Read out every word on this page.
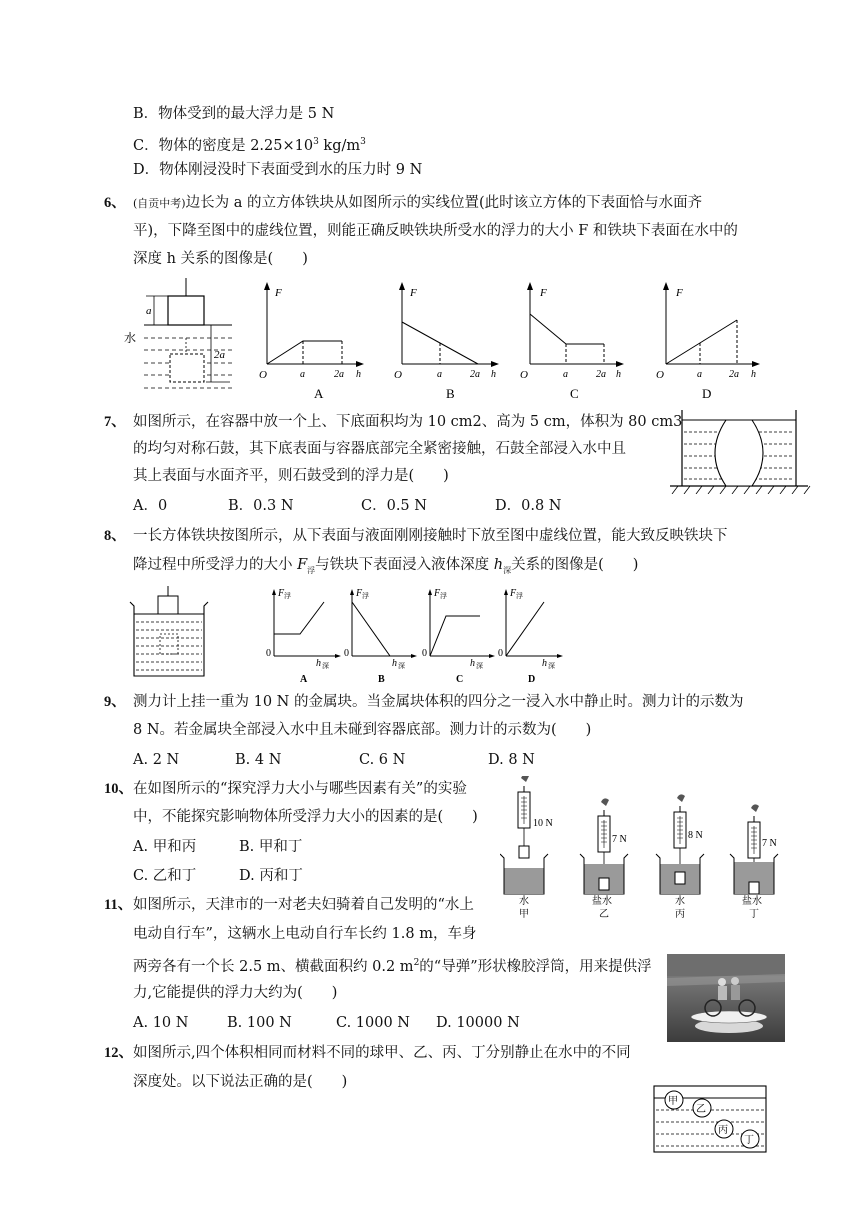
B．物体受到的最大浮力是 5 N
C．物体的密度是 $2.25\times 10^3$ $kg/m^3$
D．物体刚浸没时下表面受到水的压力时 9 N
6、 (自贡中考)边长为 a 的立方体铁块从如图所示的实线位置(此时该立方体的下表面恰与水面齐
平)，下降至图中的虚线位置，则能正确反映铁块所受水的浮力的大小 F 和铁块下表面在水中的
深度 h 关系的图像是(　　)
a
水
2a
F
O	a	2a h
A
F
O	a	2a h
B
F
O	a	2a h
C
F
O	a	2a h
D
7、 如图所示，在容器中放一个上、下底面积均为 10 cm2、高为 5 cm，体积为 80 cm3
的均匀对称石鼓，其下底表面与容器底部完全紧密接触，石鼓全部浸入水中且
其上表面与水面齐平，则石鼓受到的浮力是(　　)
A．0	B．0.3 N	C．0.5 N	D．0.8 N
8、 一长方体铁块按图所示，从下表面与液面刚刚接触时下放至图中虚线位置，能大致反映铁块下
降过程中所受浮力的大小 $F_浮$与铁块下表面浸入液体深度 $h_深$关系的图像是(　　)
F 浮
0
h 深
A
F 浮
0
h 深
B
F 浮
0
h 深
C
F 浮
0
h 深
D
9、 测力计上挂一重为 10 N 的金属块。当金属块体积的四分之一浸入水中静止时。测力计的示数为
8 N。若金属块全部浸入水中且未碰到容器底部。测力计的示数为(　　)
A. 2 N	B. 4 N	C. 6 N	D. 8 N
10、 在如图所示的“探究浮力大小与哪些因素有关”的实验
中，不能探究影响物体所受浮力大小的因素的是(　　)
A. 甲和丙	B. 甲和丁
C. 乙和丁	D. 丙和丁
10 N
水
甲
7 N
盐水
乙
8 N
水
丙
7 N
盐水
丁
11、 如图所示，天津市的一对老夫妇骑着自己发明的“水上
电动自行车”，这辆水上电动自行车长约 1.8 m，车身
两旁各有一个长 2.5 m、横截面积约 0.2 $m^2$的“导弹”形状橡胶浮筒，用来提供浮
力,它能提供的浮力大约为(　　)
A. 10 N	B. 100 N	C. 1000 N D. 10000 N
12、 如图所示,四个体积相同而材料不同的球甲、乙、丙、丁分别静止在水中的不同
深度处。以下说法正确的是(　　)
甲
乙
丙
丁
